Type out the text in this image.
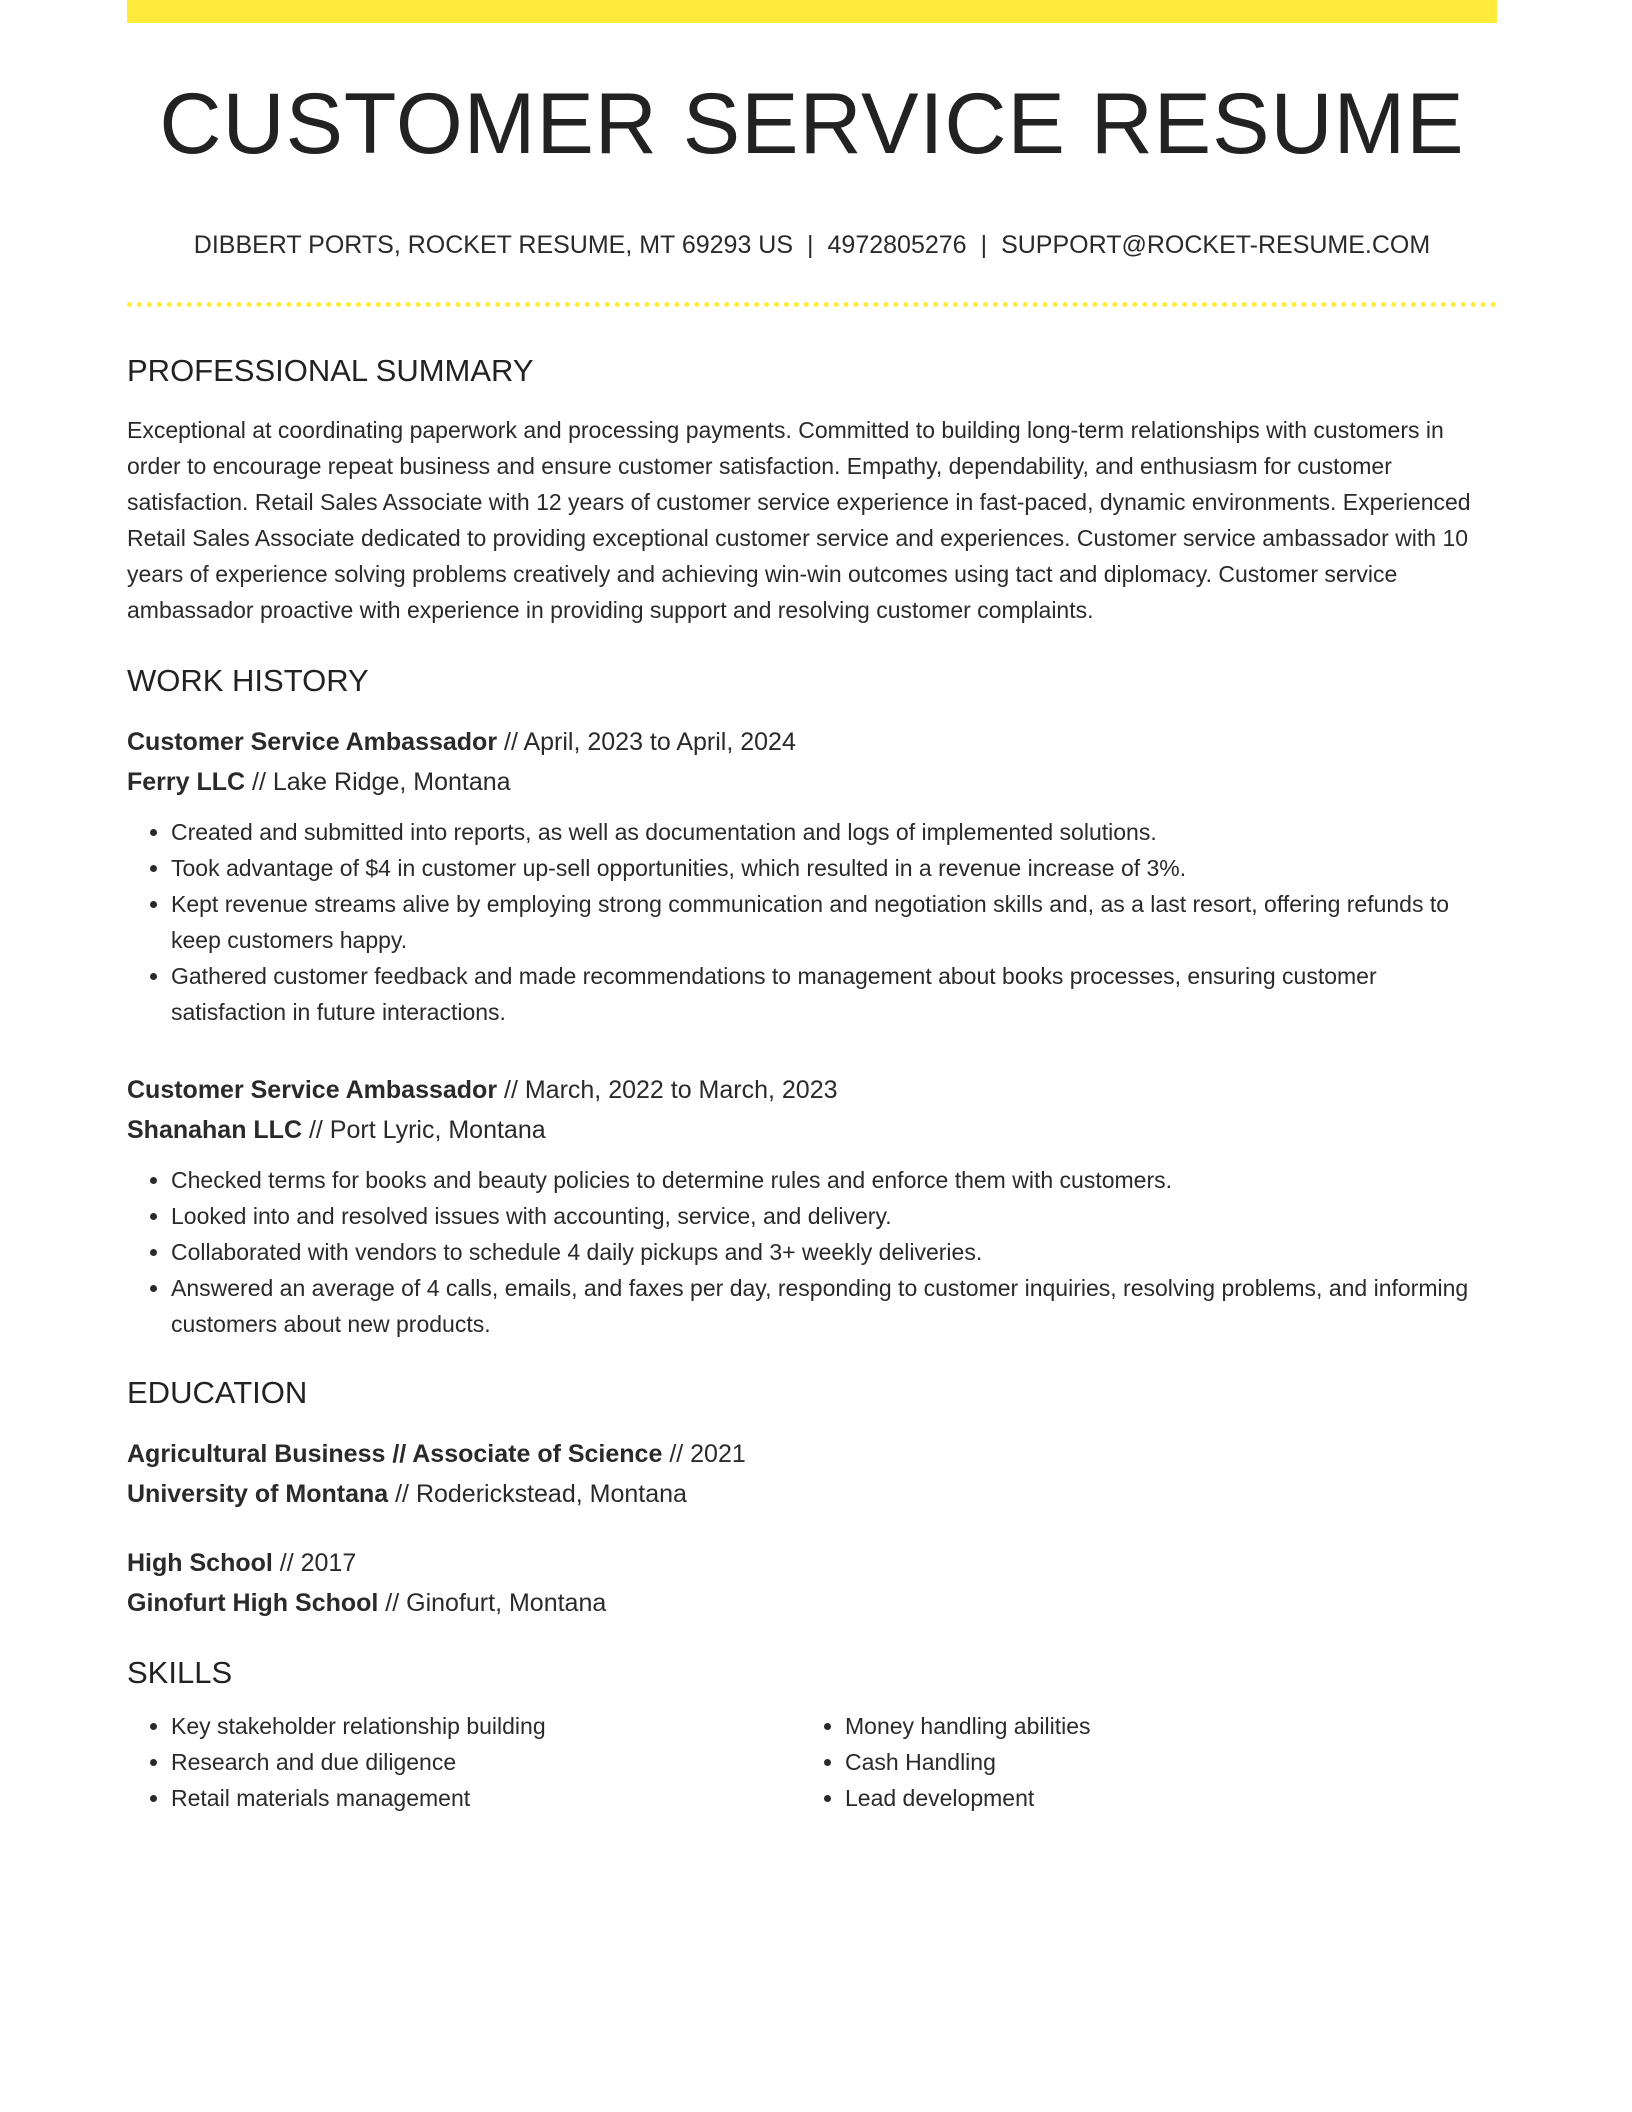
CUSTOMER SERVICE RESUME
DIBBERT PORTS, ROCKET RESUME, MT 69293 US | 4972805276 | SUPPORT@ROCKET-RESUME.COM
PROFESSIONAL SUMMARY

Exceptional at coordinating paperwork and processing payments. Committed to building long-term relationships with customers in order to encourage repeat business and ensure customer satisfaction. Empathy, dependability, and enthusiasm for customer satisfaction. Retail Sales Associate with 12 years of customer service experience in fast-paced, dynamic environments. Experienced Retail Sales Associate dedicated to providing exceptional customer service and experiences. Customer service ambassador with 10 years of experience solving problems creatively and achieving win-win outcomes using tact and diplomacy. Customer service ambassador proactive with experience in providing support and resolving customer complaints.

WORK HISTORY
Customer Service Ambassador // April, 2023 to April, 2024
Ferry LLC // Lake Ridge, Montana
• Created and submitted into reports, as well as documentation and logs of implemented solutions.
• Took advantage of $4 in customer up-sell opportunities, which resulted in a revenue increase of 3%.
• Kept revenue streams alive by employing strong communication and negotiation skills and, as a last resort, offering refunds to keep customers happy.
• Gathered customer feedback and made recommendations to management about books processes, ensuring customer satisfaction in future interactions.
Customer Service Ambassador // March, 2022 to March, 2023
Shanahan LLC // Port Lyric, Montana
• Checked terms for books and beauty policies to determine rules and enforce them with customers.
• Looked into and resolved issues with accounting, service, and delivery.
• Collaborated with vendors to schedule 4 daily pickups and 3+ weekly deliveries.
• Answered an average of 4 calls, emails, and faxes per day, responding to customer inquiries, resolving problems, and informing customers about new products.
EDUCATION
Agricultural Business // Associate of Science // 2021
University of Montana // Roderickstead, Montana
High School // 2017
Ginofurt High School // Ginofurt, Montana
SKILLS
• Key stakeholder relationship building
• Research and due diligence
• Retail materials management
• Money handling abilities
• Cash Handling
• Lead development
